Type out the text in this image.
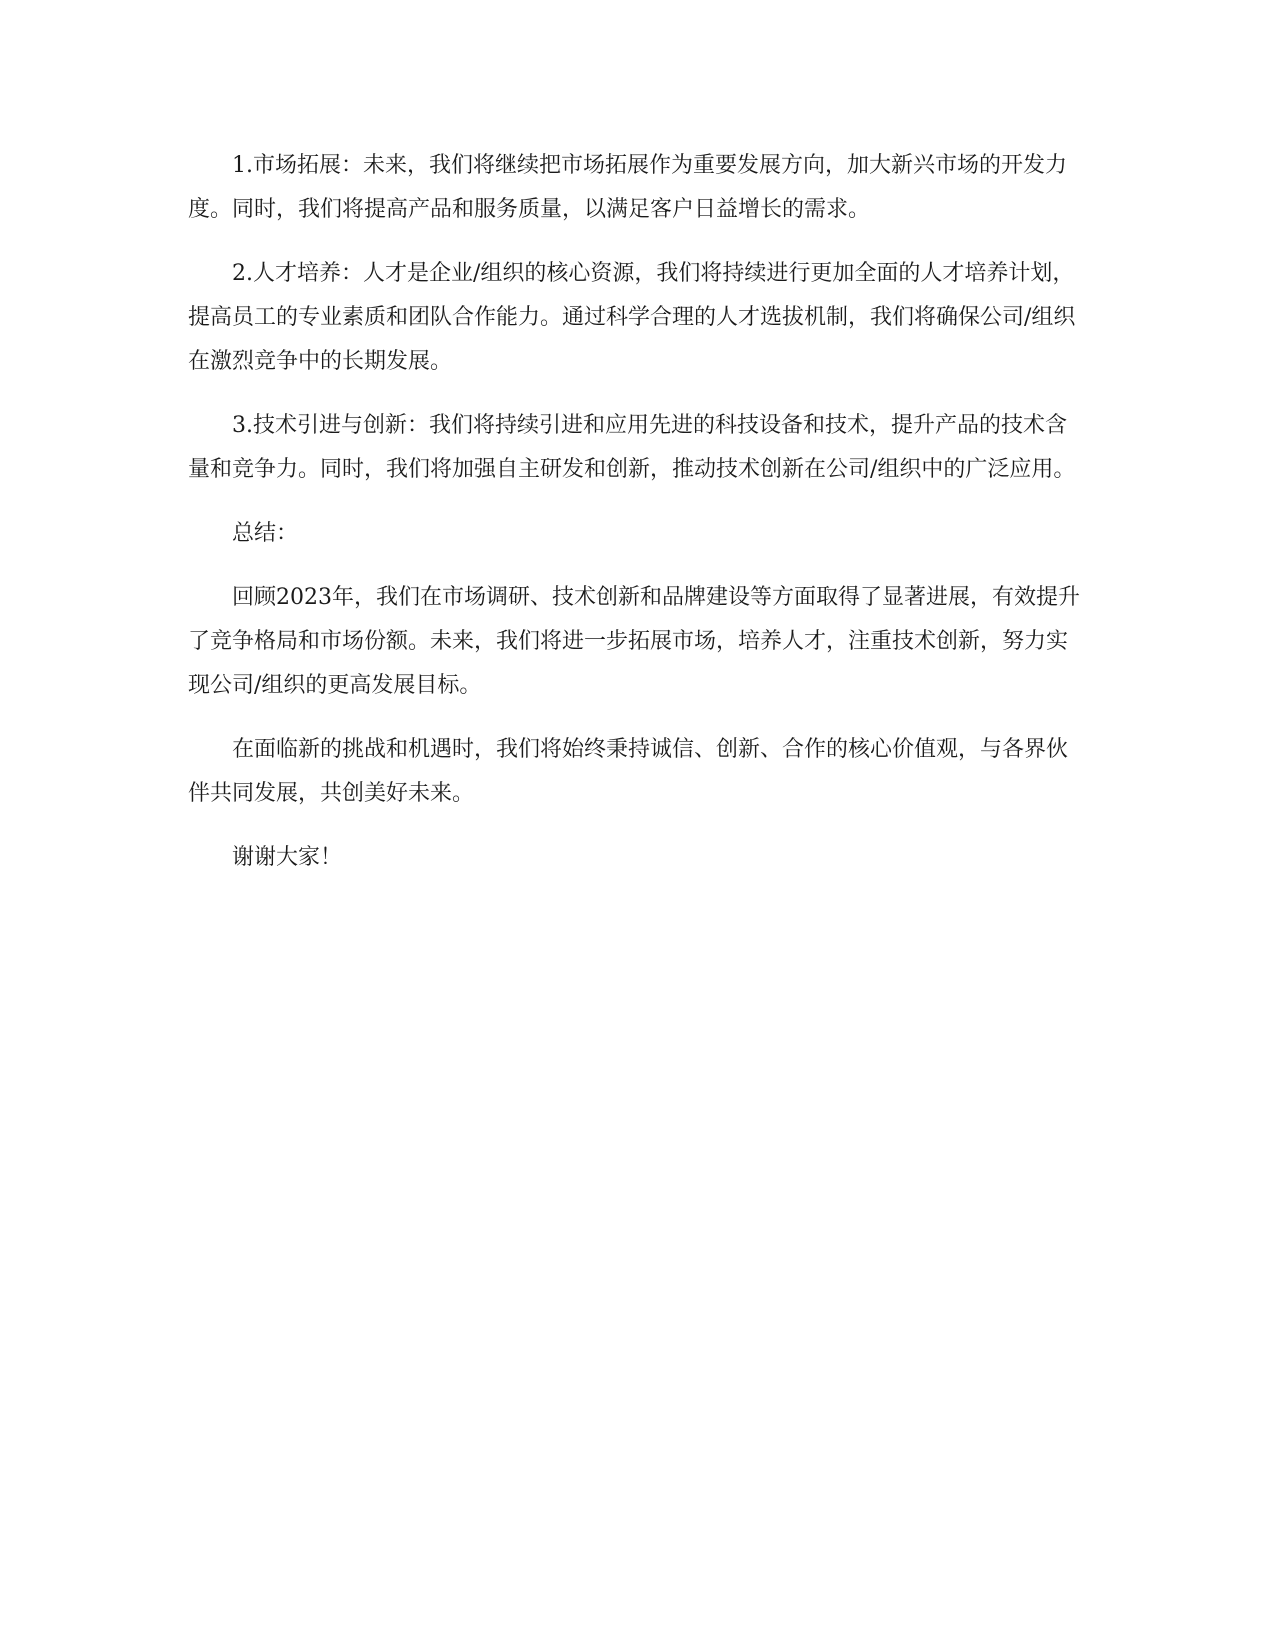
1.市场拓展：未来，我们将继续把市场拓展作为重要发展方向，加大新兴市场的开发力度。同时，我们将提高产品和服务质量，以满足客户日益增长的需求。

2.人才培养：人才是企业/组织的核心资源，我们将持续进行更加全面的人才培养计划，提高员工的专业素质和团队合作能力。通过科学合理的人才选拔机制，我们将确保公司/组织在激烈竞争中的长期发展。

3.技术引进与创新：我们将持续引进和应用先进的科技设备和技术，提升产品的技术含量和竞争力。同时，我们将加强自主研发和创新，推动技术创新在公司/组织中的广泛应用。

总结：

回顾2023年，我们在市场调研、技术创新和品牌建设等方面取得了显著进展，有效提升了竞争格局和市场份额。未来，我们将进一步拓展市场，培养人才，注重技术创新，努力实现公司/组织的更高发展目标。

在面临新的挑战和机遇时，我们将始终秉持诚信、创新、合作的核心价值观，与各界伙伴共同发展，共创美好未来。

谢谢大家！
